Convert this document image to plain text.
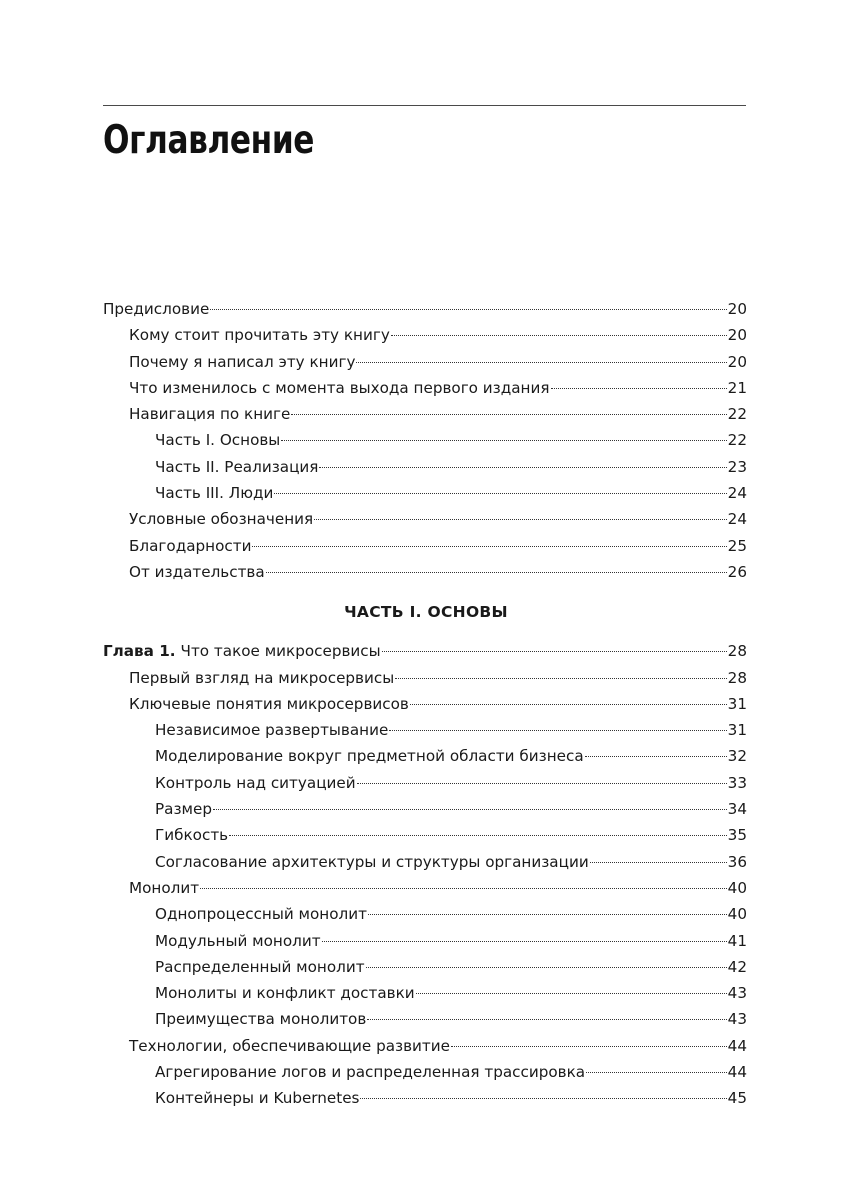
Оглавление
Предисловие	20
Кому стоит прочитать эту книгу	20
Почему я написал эту книгу	20
Что изменилось с момента выхода первого издания	21
Навигация по книге	22
Часть I. Основы	22
Часть II. Реализация	23
Часть III. Люди	24
Условные обозначения	24
Благодарности	25
От издательства	26
ЧАСТЬ I. ОСНОВЫ
Глава 1. Что такое микросервисы	28
Первый взгляд на микросервисы	28
Ключевые понятия микросервисов	31
Независимое развертывание	31
Моделирование вокруг предметной области бизнеса	32
Контроль над ситуацией	33
Размер	34
Гибкость	35
Согласование архитектуры и структуры организации	36
Монолит	40
Однопроцессный монолит	40
Модульный монолит	41
Распределенный монолит	42
Монолиты и конфликт доставки	43
Преимущества монолитов	43
Технологии, обеспечивающие развитие	44
Агрегирование логов и распределенная трассировка	44
Контейнеры и Kubernetes	45
